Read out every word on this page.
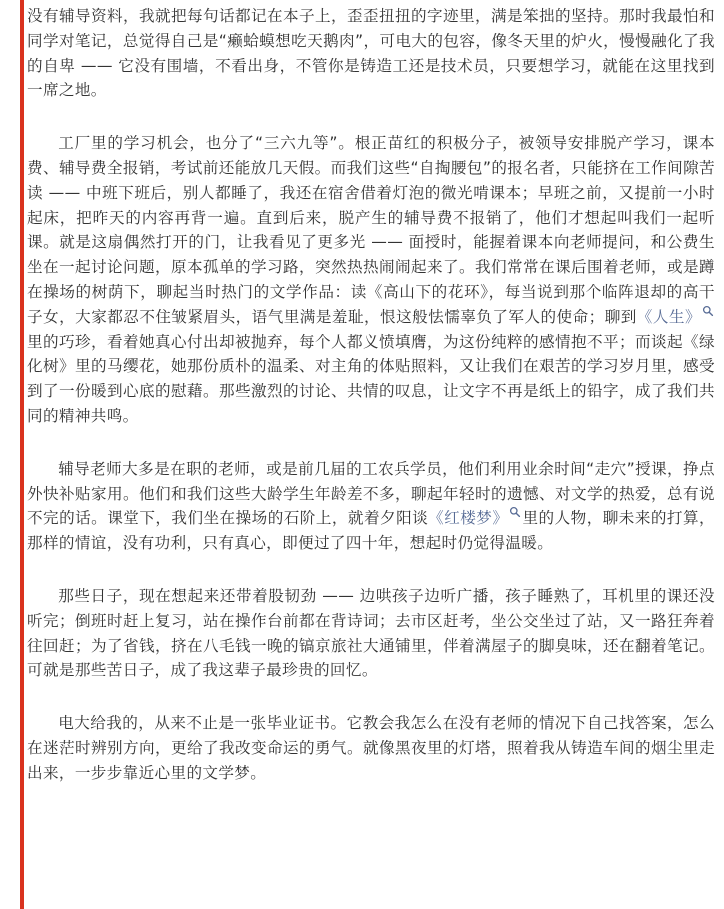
没有辅导资料，我就把每句话都记在本子上，歪歪扭扭的字迹里，满是笨拙的坚持。那时我最怕和同学对笔记，总觉得自己是“癞蛤蟆想吃天鹅肉”，可电大的包容，像冬天里的炉火，慢慢融化了我的自卑 —— 它没有围墙，不看出身，不管你是铸造工还是技术员，只要想学习，就能在这里找到一席之地。

工厂里的学习机会，也分了“三六九等”。根正苗红的积极分子，被领导安排脱产学习，课本费、辅导费全报销，考试前还能放几天假。而我们这些“自掏腰包”的报名者，只能挤在工作间隙苦读 —— 中班下班后，别人都睡了，我还在宿舍借着灯泡的微光啃课本；早班之前，又提前一小时起床，把昨天的内容再背一遍。直到后来，脱产生的辅导费不报销了，他们才想起叫我们一起听课。就是这扇偶然打开的门，让我看见了更多光 —— 面授时，能握着课本向老师提问，和公费生坐在一起讨论问题，原本孤单的学习路，突然热热闹闹起来了。我们常常在课后围着老师，或是蹲在操场的树荫下，聊起当时热门的文学作品：读《高山下的花环》，每当说到那个临阵退却的高干子女，大家都忍不住皱紧眉头，语气里满是羞耻，恨这般怯懦辜负了军人的使命；聊到《人生》里的巧珍，看着她真心付出却被抛弃，每个人都义愤填膺，为这份纯粹的感情抱不平；而谈起《绿化树》里的马缨花，她那份质朴的温柔、对主角的体贴照料，又让我们在艰苦的学习岁月里，感受到了一份暖到心底的慰藉。那些激烈的讨论、共情的叹息，让文字不再是纸上的铅字，成了我们共同的精神共鸣。

辅导老师大多是在职的老师，或是前几届的工农兵学员，他们利用业余时间“走穴”授课，挣点外快补贴家用。他们和我们这些大龄学生年龄差不多，聊起年轻时的遗憾、对文学的热爱，总有说不完的话。课堂下，我们坐在操场的石阶上，就着夕阳谈《红楼梦》 里的人物，聊未来的打算，那样的情谊，没有功利，只有真心，即便过了四十年，想起时仍觉得温暖。

那些日子，现在想起来还带着股韧劲 —— 边哄孩子边听广播，孩子睡熟了，耳机里的课还没听完；倒班时赶上复习，站在操作台前都在背诗词；去市区赶考，坐公交坐过了站，又一路狂奔着往回赶；为了省钱，挤在八毛钱一晚的镐京旅社大通铺里，伴着满屋子的脚臭味，还在翻着笔记。可就是那些苦日子，成了我这辈子最珍贵的回忆。

电大给我的，从来不止是一张毕业证书。它教会我怎么在没有老师的情况下自己找答案，怎么在迷茫时辨别方向，更给了我改变命运的勇气。就像黑夜里的灯塔，照着我从铸造车间的烟尘里走出来，一步步靠近心里的文学梦。
